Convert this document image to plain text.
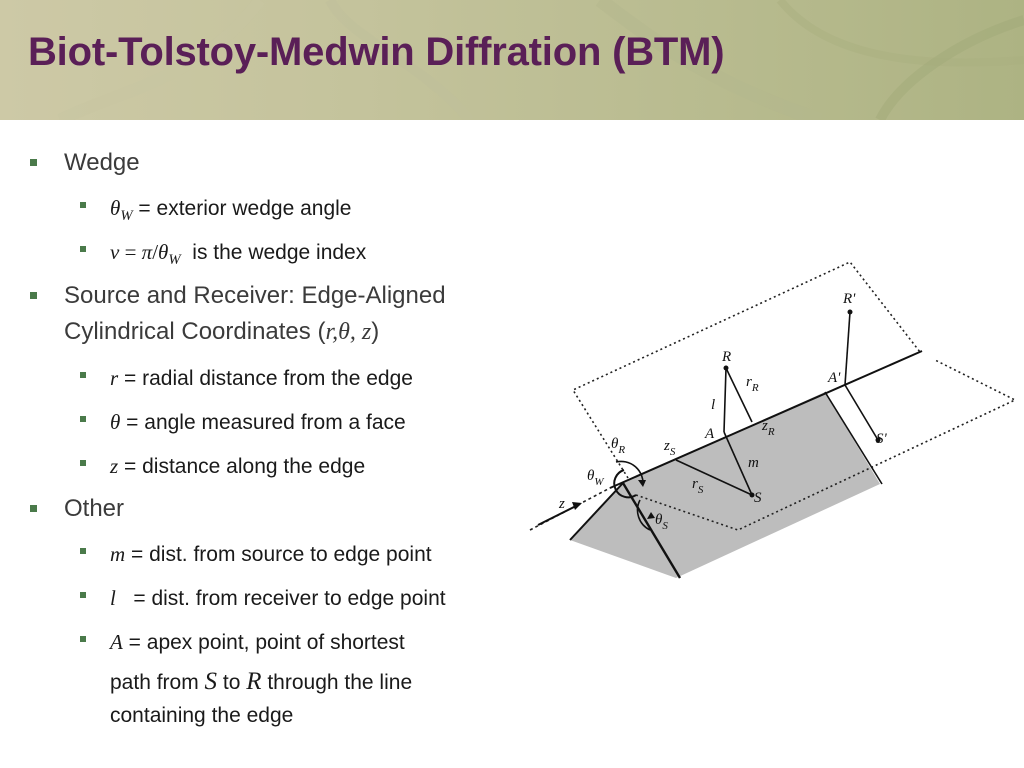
Biot-Tolstoy-Medwin Diffration (BTM)
Wedge
$\theta_W$ = exterior wedge angle
$v = \pi/\theta_W$  is the wedge index
Source and Receiver: Edge-Aligned
Cylindrical Coordinates (r,θ, z)
r = radial distance from the edge
θ = angle measured from a face
z = distance along the edge
Other
m = dist. from source to edge point
l   = dist. from receiver to edge point
A = apex point, point of shortest
path from S to R through the line
containing the edge
R'
R
$r_R$
l
A'
A	$z_R$
$z_S$
$\theta_R$
m
S'
$\theta_W$	$r_S$	S
z
$\theta_S$
